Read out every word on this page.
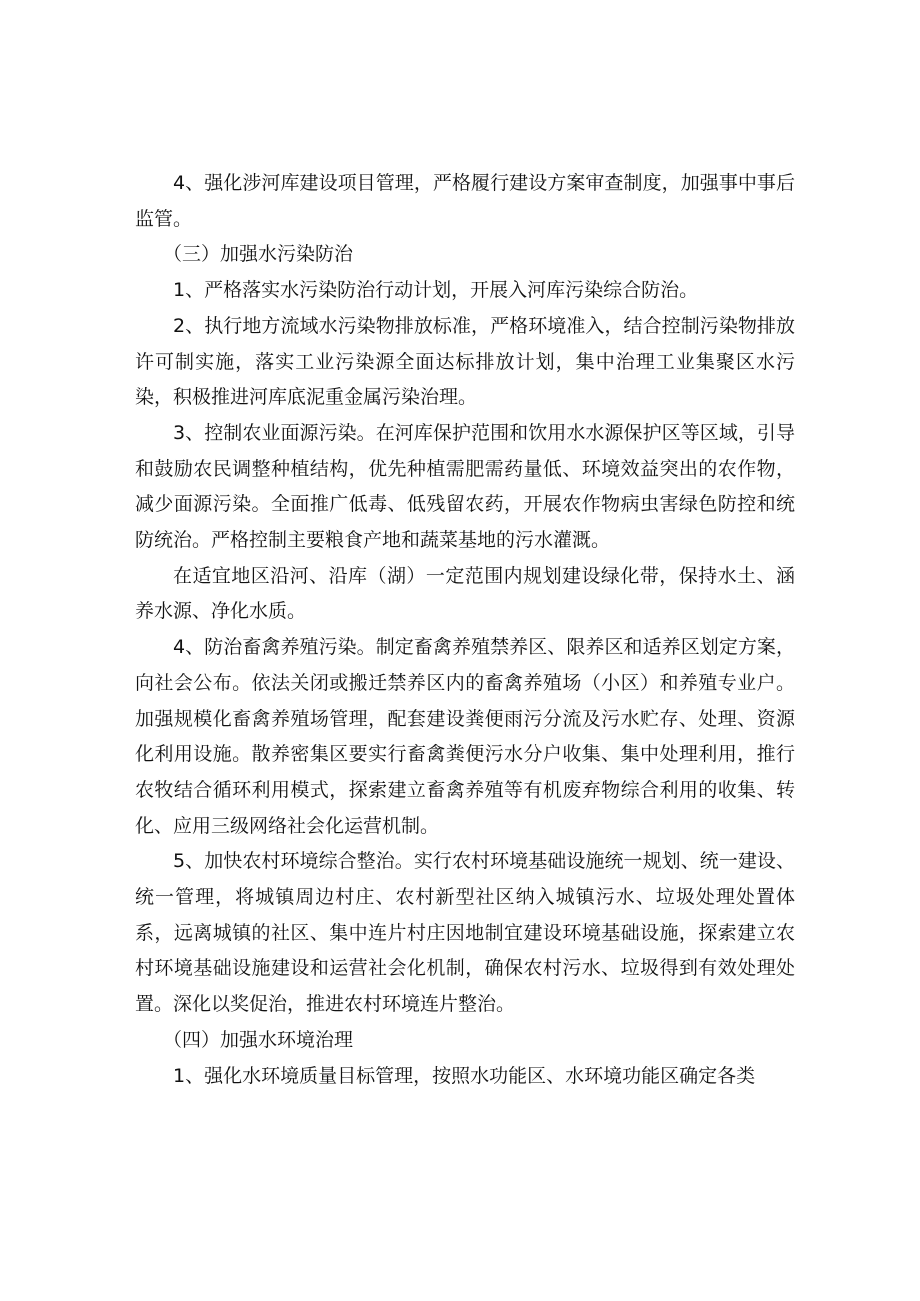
4、强化涉河库建设项目管理，严格履行建设方案审查制度，加强事中事后监管。

（三）加强水污染防治

1、严格落实水污染防治行动计划，开展入河库污染综合防治。

2、执行地方流域水污染物排放标准，严格环境准入，结合控制污染物排放许可制实施，落实工业污染源全面达标排放计划，集中治理工业集聚区水污染，积极推进河库底泥重金属污染治理。

3、控制农业面源污染。在河库保护范围和饮用水水源保护区等区域，引导和鼓励农民调整种植结构，优先种植需肥需药量低、环境效益突出的农作物，减少面源污染。全面推广低毒、低残留农药，开展农作物病虫害绿色防控和统防统治。严格控制主要粮食产地和蔬菜基地的污水灌溉。

在适宜地区沿河、沿库（湖）一定范围内规划建设绿化带，保持水土、涵养水源、净化水质。

4、防治畜禽养殖污染。制定畜禽养殖禁养区、限养区和适养区划定方案，向社会公布。依法关闭或搬迁禁养区内的畜禽养殖场（小区）和养殖专业户。加强规模化畜禽养殖场管理，配套建设粪便雨污分流及污水贮存、处理、资源化利用设施。散养密集区要实行畜禽粪便污水分户收集、集中处理利用，推行农牧结合循环利用模式，探索建立畜禽养殖等有机废弃物综合利用的收集、转化、应用三级网络社会化运营机制。

5、加快农村环境综合整治。实行农村环境基础设施统一规划、统一建设、统一管理，将城镇周边村庄、农村新型社区纳入城镇污水、垃圾处理处置体系，远离城镇的社区、集中连片村庄因地制宜建设环境基础设施，探索建立农村环境基础设施建设和运营社会化机制，确保农村污水、垃圾得到有效处理处置。深化以奖促治，推进农村环境连片整治。

（四）加强水环境治理

1、强化水环境质量目标管理，按照水功能区、水环境功能区确定各类
